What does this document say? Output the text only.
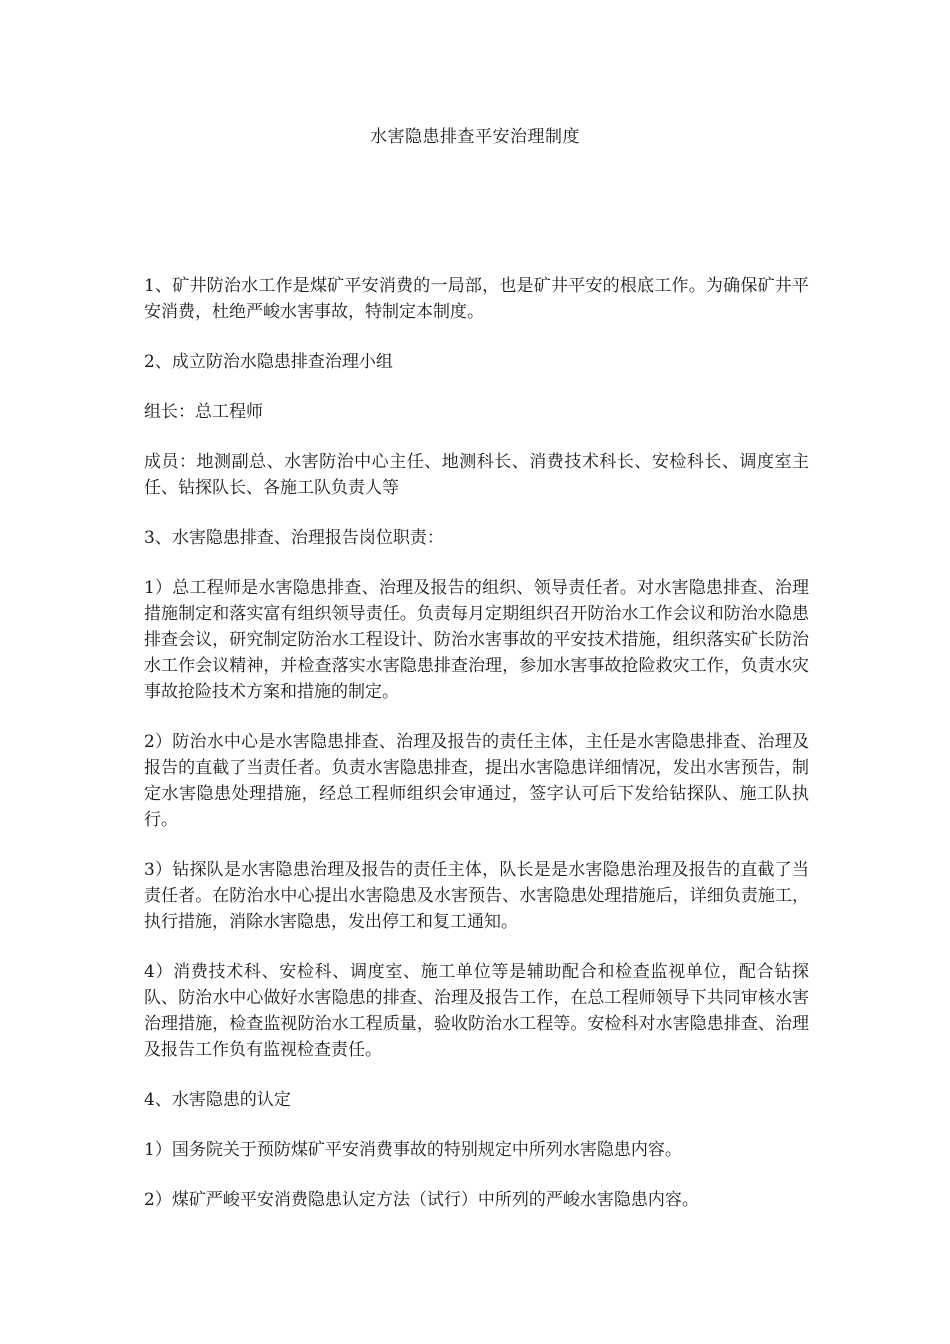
水害隐患排查平安治理制度

1、矿井防治水工作是煤矿平安消费的一局部，也是矿井平安的根底工作。为确保矿井平安消费，杜绝严峻水害事故，特制定本制度。

2、成立防治水隐患排查治理小组

组长：总工程师

成员：地测副总、水害防治中心主任、地测科长、消费技术科长、安检科长、调度室主任、钻探队长、各施工队负责人等

3、水害隐患排查、治理报告岗位职责：

1）总工程师是水害隐患排查、治理及报告的组织、领导责任者。对水害隐患排查、治理措施制定和落实富有组织领导责任。负责每月定期组织召开防治水工作会议和防治水隐患排查会议，研究制定防治水工程设计、防治水害事故的平安技术措施，组织落实矿长防治水工作会议精神，并检查落实水害隐患排查治理，参加水害事故抢险救灾工作，负责水灾事故抢险技术方案和措施的制定。

2）防治水中心是水害隐患排查、治理及报告的责任主体，主任是水害隐患排查、治理及报告的直截了当责任者。负责水害隐患排查，提出水害隐患详细情况，发出水害预告，制定水害隐患处理措施，经总工程师组织会审通过，签字认可后下发给钻探队、施工队执行。

3）钻探队是水害隐患治理及报告的责任主体，队长是是水害隐患治理及报告的直截了当责任者。在防治水中心提出水害隐患及水害预告、水害隐患处理措施后，详细负责施工，执行措施，消除水害隐患，发出停工和复工通知。

4）消费技术科、安检科、调度室、施工单位等是辅助配合和检查监视单位，配合钻探队、防治水中心做好水害隐患的排查、治理及报告工作，在总工程师领导下共同审核水害治理措施，检查监视防治水工程质量，验收防治水工程等。安检科对水害隐患排查、治理及报告工作负有监视检查责任。

4、水害隐患的认定

1）国务院关于预防煤矿平安消费事故的特别规定中所列水害隐患内容。

2）煤矿严峻平安消费隐患认定方法（试行）中所列的严峻水害隐患内容。
